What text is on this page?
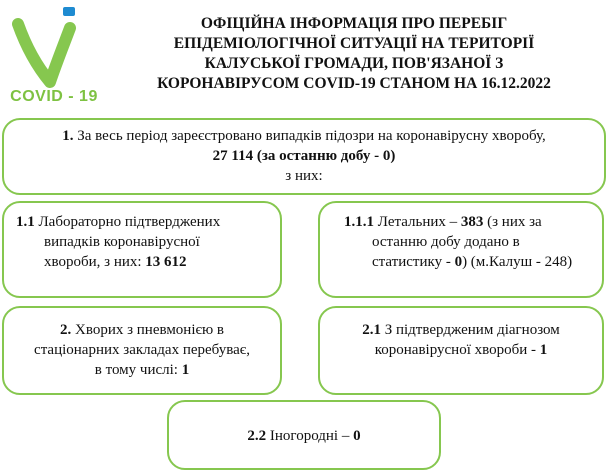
COVID - 19
ОФІЦІЙНА ІНФОРМАЦІЯ ПРО ПЕРЕБІГ
ЕПІДЕМІОЛОГІЧНОЇ СИТУАЦІЇ НА ТЕРИТОРІЇ
КАЛУСЬКОЇ ГРОМАДИ, ПОВ'ЯЗАНОЇ З
КОРОНАВІРУСОМ COVID-19 СТАНОМ НА 16.12.2022
1. За весь період зареєстровано випадків підозри на коронавірусну хворобу,
27 114 (за останню добу - 0)
з них:
1.1 Лабораторно підтверджених
випадків коронавірусної
хвороби, з них: 13 612
1.1.1 Летальних – 383 (з них за
останню добу додано в
статистику - 0) (м.Калуш - 248)
2. Хворих з пневмонією в
стаціонарних закладах перебуває,
в тому числі: 1
2.1 З підтвердженим діагнозом
коронавірусної хвороби - 1
2.2 Іногородні – 0
